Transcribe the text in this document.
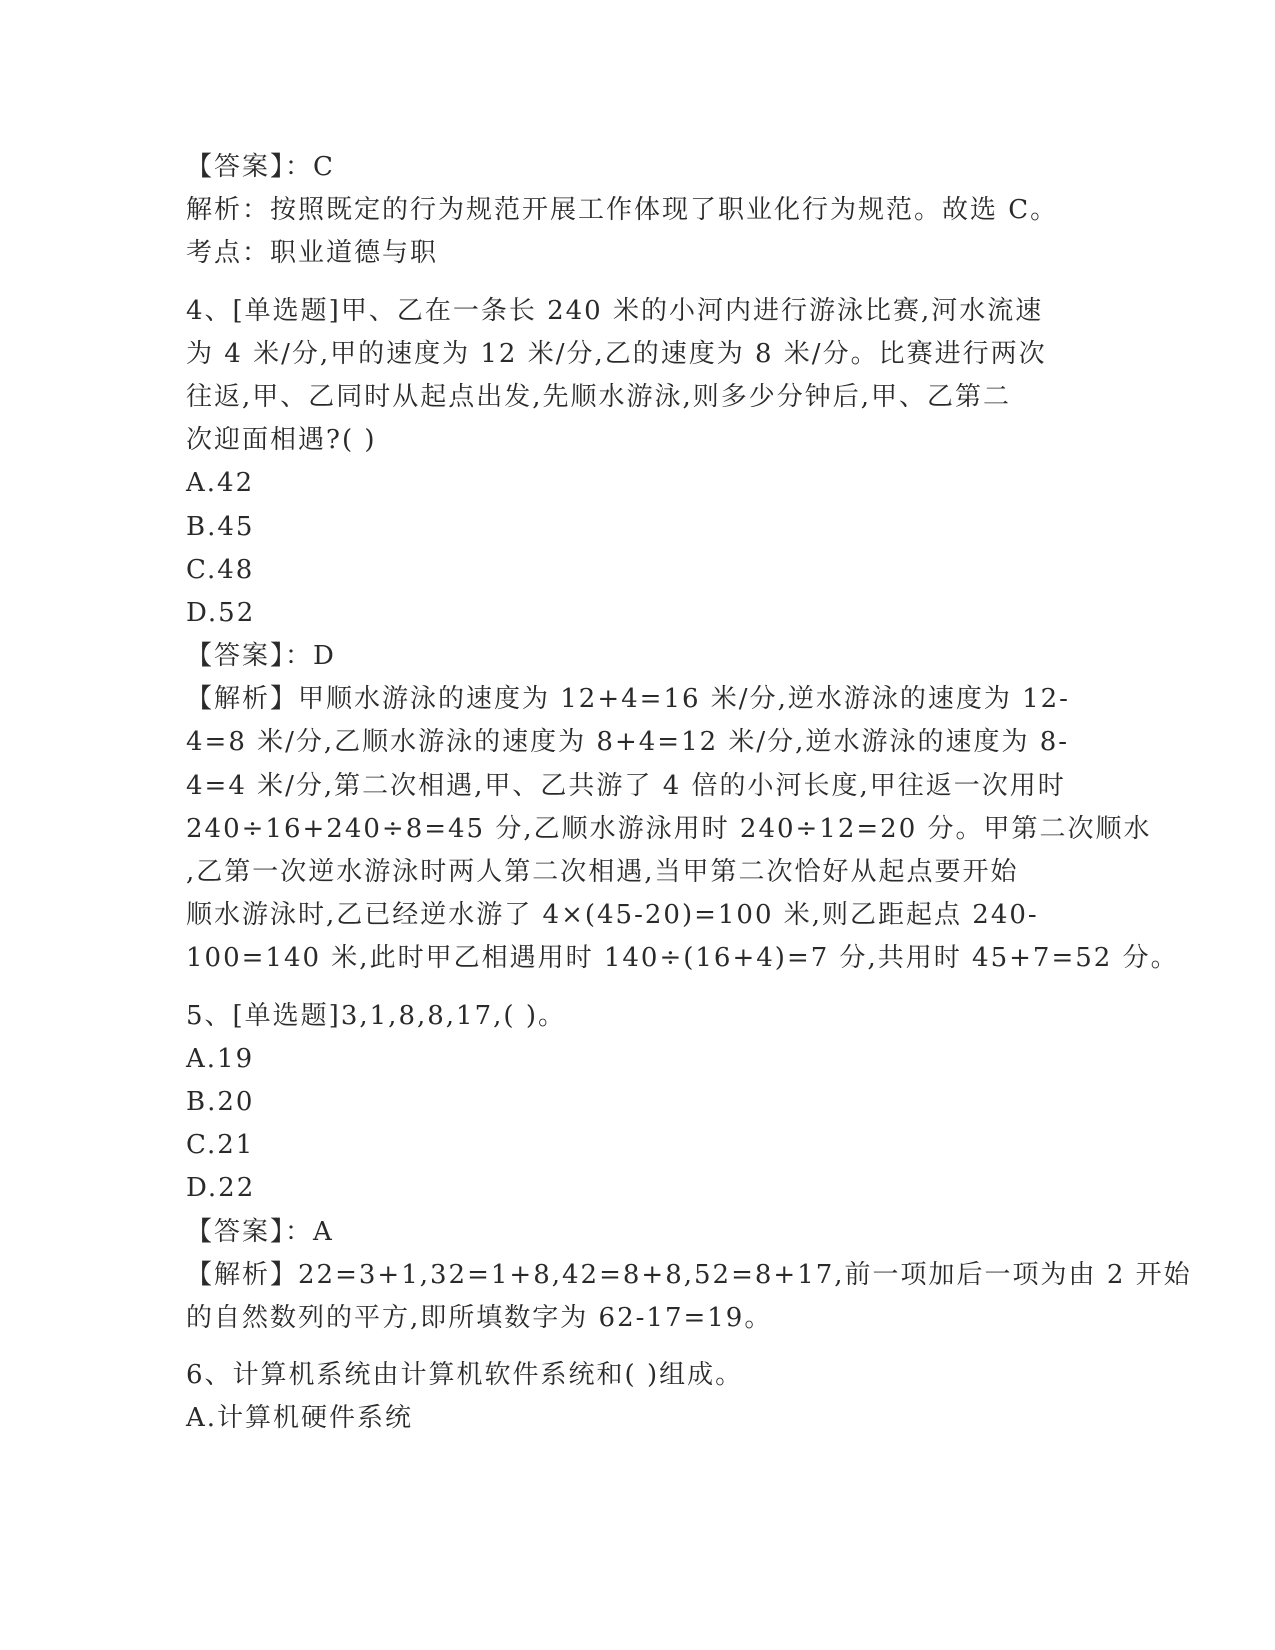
【答案】：C
解析：按照既定的行为规范开展工作体现了职业化行为规范。故选 C。
考点：职业道德与职
4、[单选题]甲、乙在一条长 240 米的小河内进行游泳比赛,河水流速
为 4 米/分,甲的速度为 12 米/分,乙的速度为 8 米/分。比赛进行两次
往返,甲、乙同时从起点出发,先顺水游泳,则多少分钟后,甲、乙第二
次迎面相遇?( )
A.42
B.45
C.48
D.52
【答案】：D
【解析】甲顺水游泳的速度为 12+4=16 米/分,逆水游泳的速度为 12-
4=8 米/分,乙顺水游泳的速度为 8+4=12 米/分,逆水游泳的速度为 8-
4=4 米/分,第二次相遇,甲、乙共游了 4 倍的小河长度,甲往返一次用时
240÷16+240÷8=45 分,乙顺水游泳用时 240÷12=20 分。甲第二次顺水
,乙第一次逆水游泳时两人第二次相遇,当甲第二次恰好从起点要开始
顺水游泳时,乙已经逆水游了 4×(45-20)=100 米,则乙距起点 240-
100=140 米,此时甲乙相遇用时 140÷(16+4)=7 分,共用时 45+7=52 分。
5、[单选题]3,1,8,8,17,( )。
A.19
B.20
C.21
D.22
【答案】：A
【解析】22=3+1,32=1+8,42=8+8,52=8+17,前一项加后一项为由 2 开始
的自然数列的平方,即所填数字为 62-17=19。
6、计算机系统由计算机软件系统和( )组成。
A.计算机硬件系统
